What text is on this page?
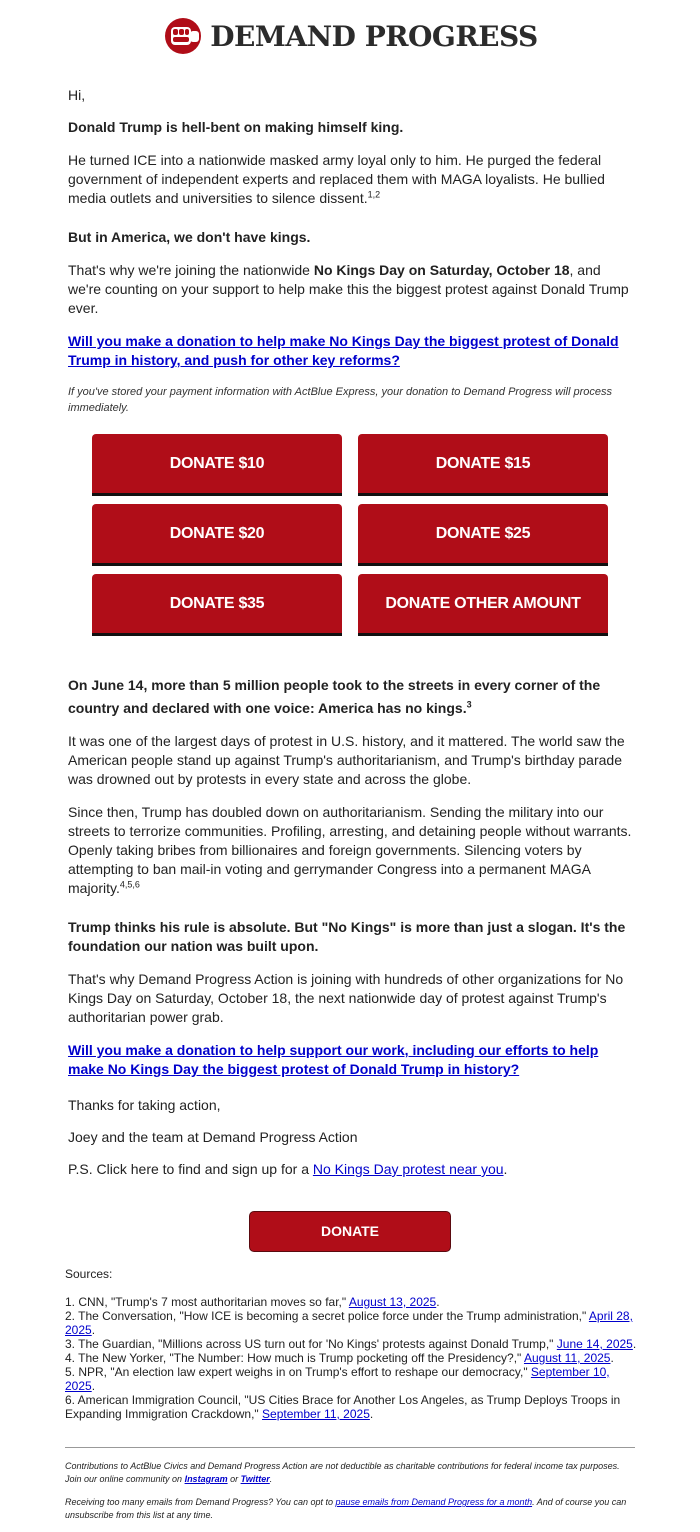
DEMAND PROGRESS

Hi,

Donald Trump is hell-bent on making himself king.

He turned ICE into a nationwide masked army loyal only to him. He purged the federal government of independent experts and replaced them with MAGA loyalists. He bullied media outlets and universities to silence dissent.$^{1,2}$

But in America, we don't have kings.

That's why we're joining the nationwide No Kings Day on Saturday, October 18, and we're counting on your support to help make this the biggest protest against Donald Trump ever.

Will you make a donation to help make No Kings Day the biggest protest of Donald Trump in history, and push for other key reforms?

If you've stored your payment information with ActBlue Express, your donation to Demand Progress will process immediately.

DONATE $10	DONATE $15
DONATE $20	DONATE $25
DONATE $35	DONATE OTHER AMOUNT

On June 14, more than 5 million people took to the streets in every corner of the country and declared with one voice: America has no kings.$^3$

It was one of the largest days of protest in U.S. history, and it mattered. The world saw the American people stand up against Trump's authoritarianism, and Trump's birthday parade was drowned out by protests in every state and across the globe.

Since then, Trump has doubled down on authoritarianism. Sending the military into our streets to terrorize communities. Profiling, arresting, and detaining people without warrants. Openly taking bribes from billionaires and foreign governments. Silencing voters by attempting to ban mail-in voting and gerrymander Congress into a permanent MAGA majority.$^{4,5,6}$

Trump thinks his rule is absolute. But "No Kings" is more than just a slogan. It's the foundation our nation was built upon.

That's why Demand Progress Action is joining with hundreds of other organizations for No Kings Day on Saturday, October 18, the next nationwide day of protest against Trump's authoritarian power grab.

Will you make a donation to help support our work, including our efforts to help make No Kings Day the biggest protest of Donald Trump in history?

Thanks for taking action,

Joey and the team at Demand Progress Action

P.S. Click here to find and sign up for a No Kings Day protest near you.

DONATE

Sources:

1. CNN, "Trump's 7 most authoritarian moves so far," August 13, 2025.
2. The Conversation, "How ICE is becoming a secret police force under the Trump administration," April 28, 2025.
3. The Guardian, "Millions across US turn out for 'No Kings' protests against Donald Trump," June 14, 2025.
4. The New Yorker, "The Number: How much is Trump pocketing off the Presidency?," August 11, 2025.
5. NPR, "An election law expert weighs in on Trump's effort to reshape our democracy," September 10, 2025.
6. American Immigration Council, "US Cities Brace for Another Los Angeles, as Trump Deploys Troops in Expanding Immigration Crackdown," September 11, 2025.

Contributions to ActBlue Civics and Demand Progress Action are not deductible as charitable contributions for federal income tax purposes. Join our online community on Instagram or Twitter.

Receiving too many emails from Demand Progress? You can opt to pause emails from Demand Progress for a month. And of course you can unsubscribe from this list at any time.
